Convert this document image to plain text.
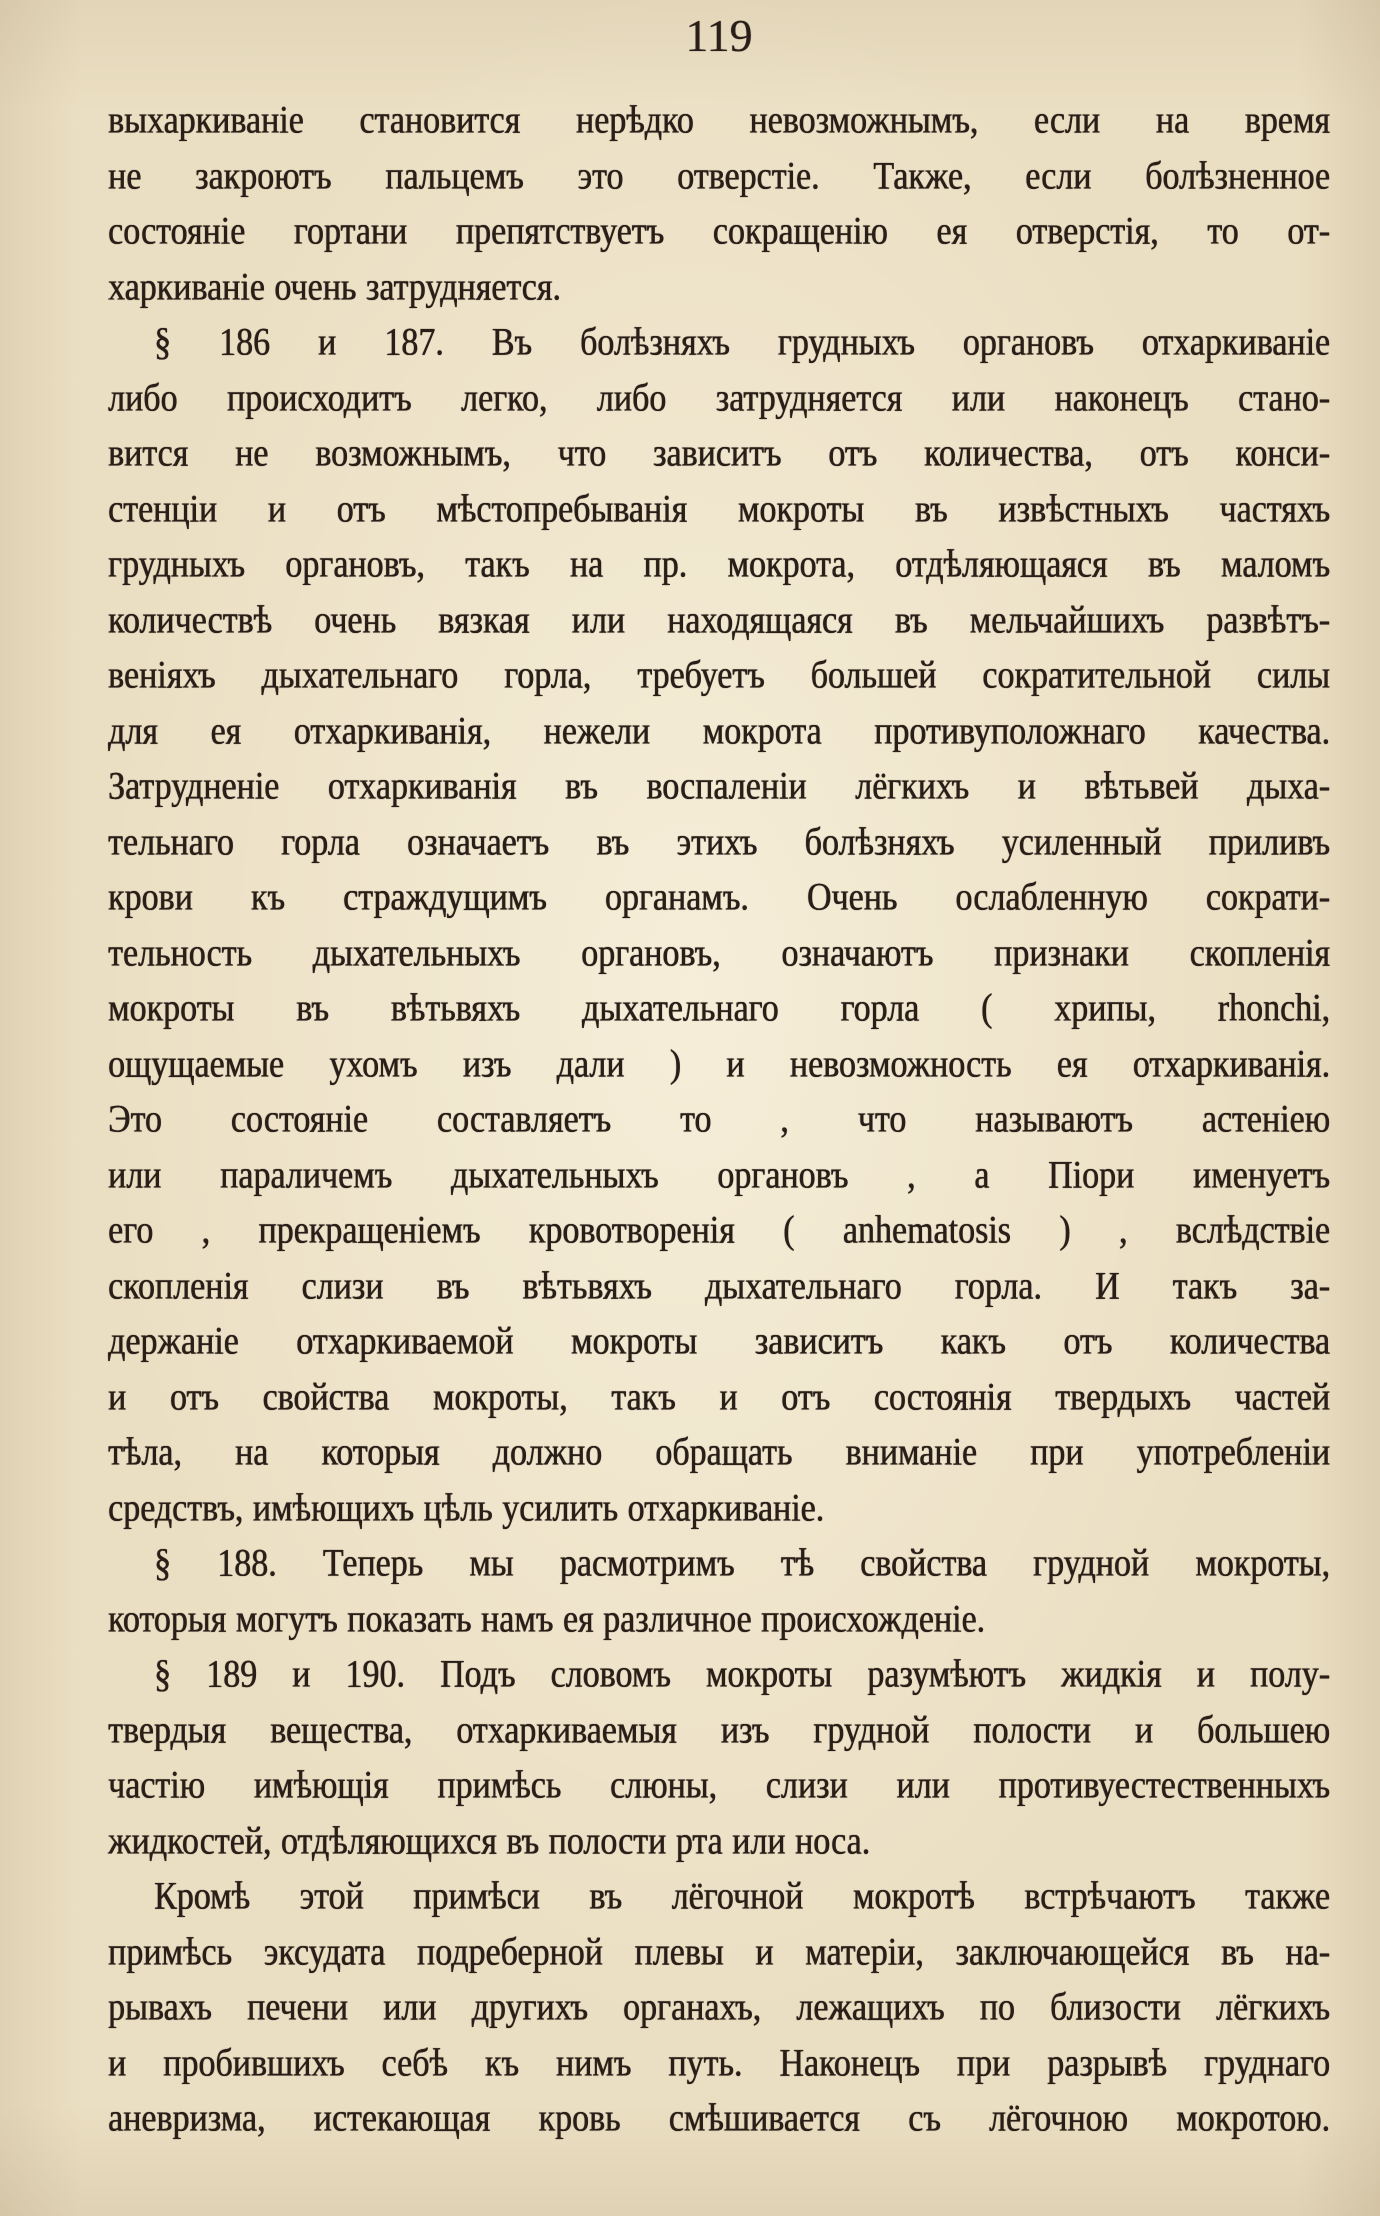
119
выхаркиванiе становится нерѣдко невозможнымъ, если на время
не закроютъ пальцемъ это отверстiе. Также, если болѣзненное
состоянiе гортани препятствуетъ сокращенiю ея отверстiя, то от-
харкиванiе очень затрудняется.
§ 186 и 187. Въ болѣзняхъ грудныхъ органовъ отхаркиванiе
либо происходитъ легко, либо затрудняется или наконецъ стано-
вится не возможнымъ, что зависитъ отъ количества, отъ конси-
стенцiи и отъ мѣстопребыванiя мокроты въ извѣстныхъ частяхъ
грудныхъ органовъ, такъ на пр. мокрота, отдѣляющаяся въ маломъ
количествѣ очень вязкая или находящаяся въ мельчайшихъ развѣтъ-
венiяхъ дыхательнаго горла, требуетъ большей сократительной силы
для ея отхаркиванiя, нежели мокрота противуположнаго качества.
Затрудненiе отхаркиванiя въ воспаленiи лёгкихъ и вѣтьвей дыха-
тельнаго горла означаетъ въ этихъ болѣзняхъ усиленный приливъ
крови къ страждущимъ органамъ. Очень ослабленную сократи-
тельность дыхательныхъ органовъ, означаютъ признаки скопленiя
мокроты въ вѣтьвяхъ дыхательнаго горла ( хрипы, rhonchi,
ощущаемые ухомъ изъ дали ) и невозможность ея отхаркиванiя.
Это состоянiе составляетъ то , что называютъ астенiею
или параличемъ дыхательныхъ органовъ , а Пiори именуетъ
его , прекращенiемъ кровотворенiя ( anhematosis ) , вслѣдствiе
скопленiя слизи въ вѣтьвяхъ дыхательнаго горла. И такъ за-
держанiе отхаркиваемой мокроты зависитъ какъ отъ количества
и отъ свойства мокроты, такъ и отъ состоянiя твердыхъ частей
тѣла, на которыя должно обращать вниманiе при употребленiи
средствъ, имѣющихъ цѣль усилить отхаркиванiе.
§ 188. Теперь мы расмотримъ тѣ свойства грудной мокроты,
которыя могутъ показать намъ ея различное происхожденiе.
§ 189 и 190. Подъ словомъ мокроты разумѣютъ жидкiя и полу-
твердыя вещества, отхаркиваемыя изъ грудной полости и большею
частiю имѣющiя примѣсь слюны, слизи или противуестественныхъ
жидкостей, отдѣляющихся въ полости рта или носа.
Кромѣ этой примѣси въ лёгочной мокротѣ встрѣчаютъ также
примѣсь эксудата подреберной плевы и матерiи, заключающейся въ на-
рывахъ печени или другихъ органахъ, лежащихъ по близости лёгкихъ
и пробившихъ себѣ къ нимъ путь. Наконецъ при разрывѣ груднаго
аневризма, истекающая кровь смѣшивается съ лёгочною мокротою.
